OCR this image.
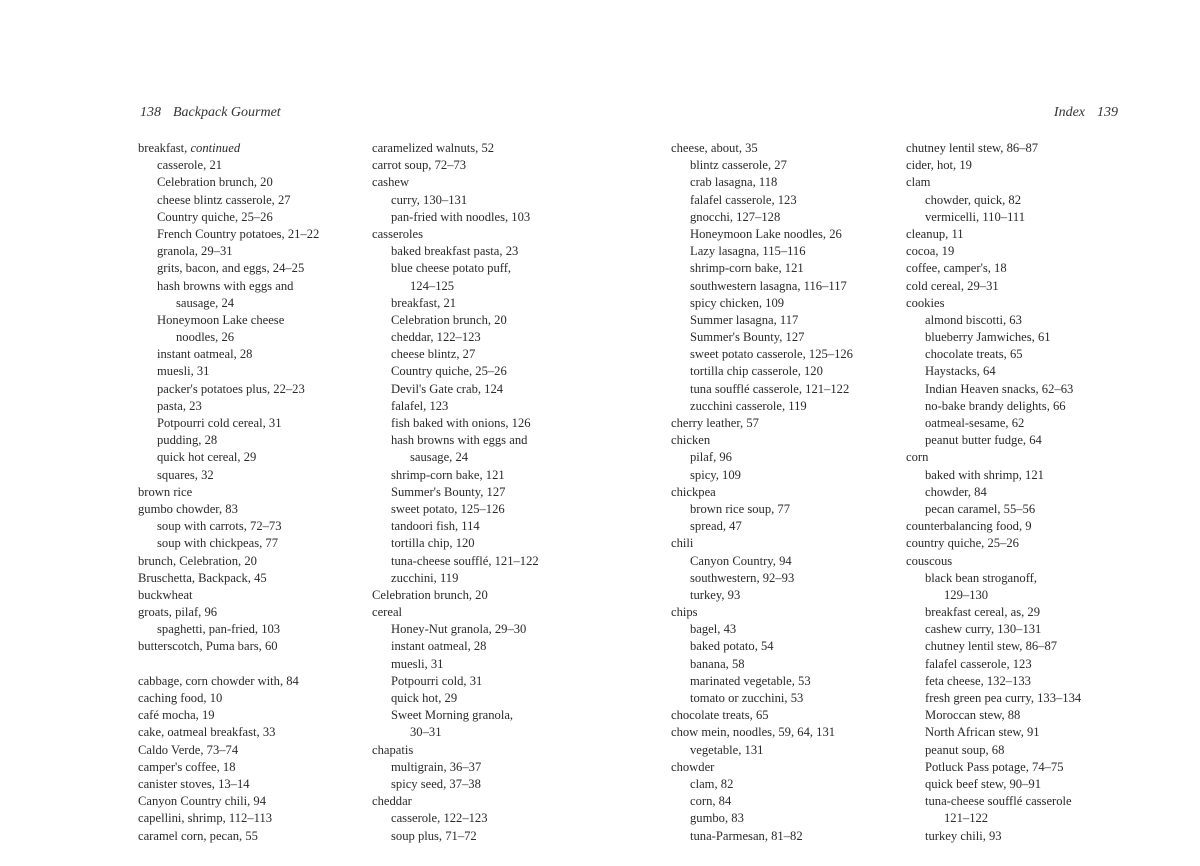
138 Backpack Gourmet
breakfast, continued
casserole, 21
Celebration brunch, 20
cheese blintz casserole, 27
Country quiche, 25–26
French Country potatoes, 21–22
granola, 29–31
grits, bacon, and eggs, 24–25
hash browns with eggs and
sausage, 24
Honeymoon Lake cheese
noodles, 26
instant oatmeal, 28
muesli, 31
packer's potatoes plus, 22–23
pasta, 23
Potpourri cold cereal, 31
pudding, 28
quick hot cereal, 29
squares, 32
brown rice
gumbo chowder, 83
soup with carrots, 72–73
soup with chickpeas, 77
brunch, Celebration, 20
Bruschetta, Backpack, 45
buckwheat
groats, pilaf, 96
spaghetti, pan-fried, 103
butterscotch, Puma bars, 60
cabbage, corn chowder with, 84
caching food, 10
café mocha, 19
cake, oatmeal breakfast, 33
Caldo Verde, 73–74
camper's coffee, 18
canister stoves, 13–14
Canyon Country chili, 94
capellini, shrimp, 112–113
caramel corn, pecan, 55
caramelized walnuts, 52
carrot soup, 72–73
cashew
curry, 130–131
pan-fried with noodles, 103
casseroles
baked breakfast pasta, 23
blue cheese potato puff,
124–125
breakfast, 21
Celebration brunch, 20
cheddar, 122–123
cheese blintz, 27
Country quiche, 25–26
Devil's Gate crab, 124
falafel, 123
fish baked with onions, 126
hash browns with eggs and
sausage, 24
shrimp-corn bake, 121
Summer's Bounty, 127
sweet potato, 125–126
tandoori fish, 114
tortilla chip, 120
tuna-cheese soufflé, 121–122
zucchini, 119
Celebration brunch, 20
cereal
Honey-Nut granola, 29–30
instant oatmeal, 28
muesli, 31
Potpourri cold, 31
quick hot, 29
Sweet Morning granola,
30–31
chapatis
multigrain, 36–37
spicy seed, 37–38
cheddar
casserole, 122–123
soup plus, 71–72
Index 139
cheese, about, 35
blintz casserole, 27
crab lasagna, 118
falafel casserole, 123
gnocchi, 127–128
Honeymoon Lake noodles, 26
Lazy lasagna, 115–116
shrimp-corn bake, 121
southwestern lasagna, 116–117
spicy chicken, 109
Summer lasagna, 117
Summer's Bounty, 127
sweet potato casserole, 125–126
tortilla chip casserole, 120
tuna soufflé casserole, 121–122
zucchini casserole, 119
cherry leather, 57
chicken
pilaf, 96
spicy, 109
chickpea
brown rice soup, 77
spread, 47
chili
Canyon Country, 94
southwestern, 92–93
turkey, 93
chips
bagel, 43
baked potato, 54
banana, 58
marinated vegetable, 53
tomato or zucchini, 53
chocolate treats, 65
chow mein, noodles, 59, 64, 131
vegetable, 131
chowder
clam, 82
corn, 84
gumbo, 83
tuna-Parmesan, 81–82
chutney lentil stew, 86–87
cider, hot, 19
clam
chowder, quick, 82
vermicelli, 110–111
cleanup, 11
cocoa, 19
coffee, camper's, 18
cold cereal, 29–31
cookies
almond biscotti, 63
blueberry Jamwiches, 61
chocolate treats, 65
Haystacks, 64
Indian Heaven snacks, 62–63
no-bake brandy delights, 66
oatmeal-sesame, 62
peanut butter fudge, 64
corn
baked with shrimp, 121
chowder, 84
pecan caramel, 55–56
counterbalancing food, 9
country quiche, 25–26
couscous
black bean stroganoff,
129–130
breakfast cereal, as, 29
cashew curry, 130–131
chutney lentil stew, 86–87
falafel casserole, 123
feta cheese, 132–133
fresh green pea curry, 133–134
Moroccan stew, 88
North African stew, 91
peanut soup, 68
Potluck Pass potage, 74–75
quick beef stew, 90–91
tuna-cheese soufflé casserole
121–122
turkey chili, 93
